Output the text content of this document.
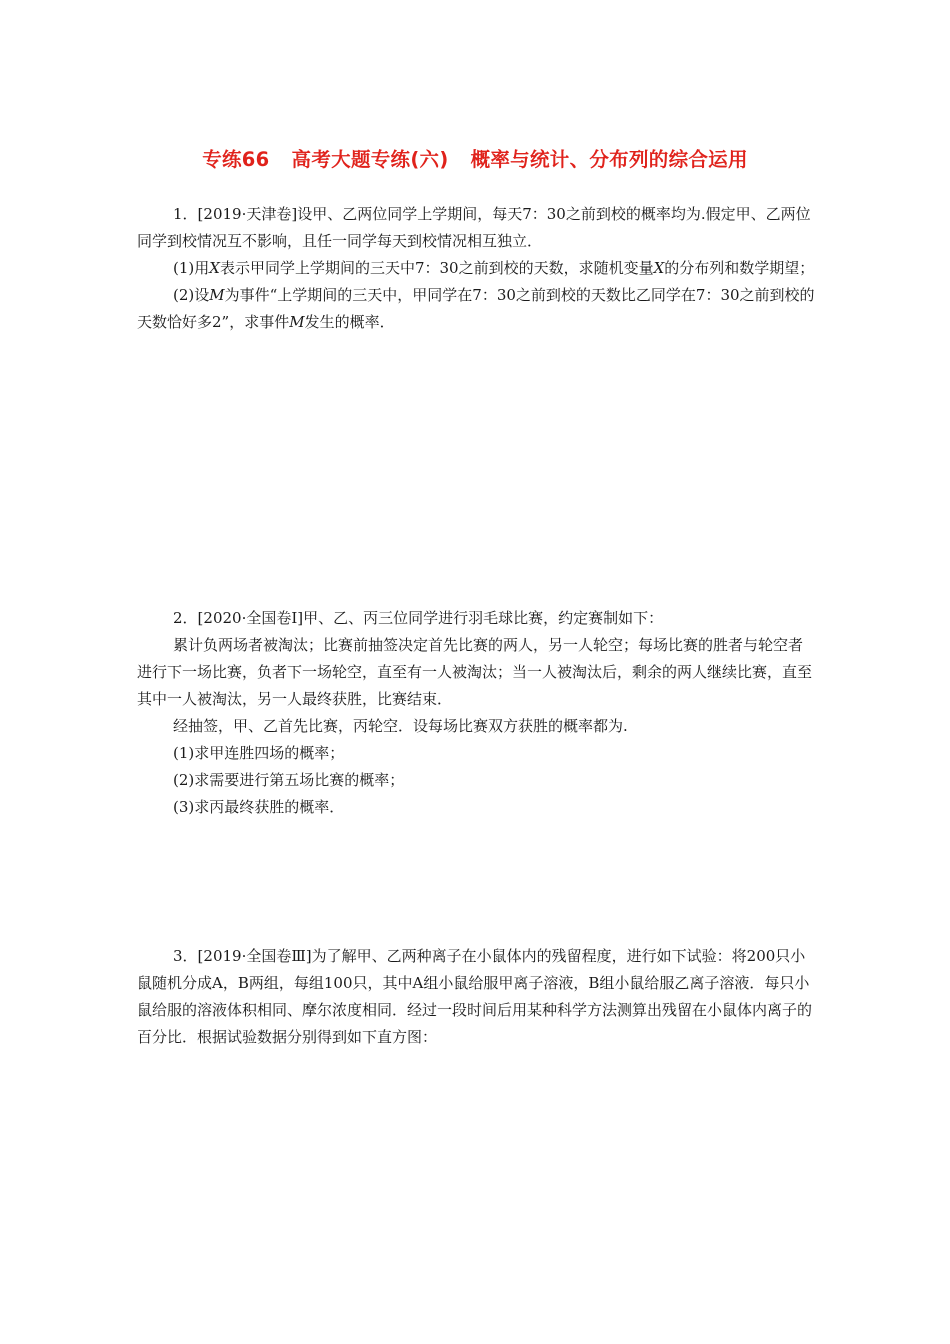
专练66 高考大题专练(六) 概率与统计、分布列的综合运用

1．[2019·天津卷]设甲、乙两位同学上学期间，每天7：30之前到校的概率均为.假定甲、乙两位同学到校情况互不影响，且任一同学每天到校情况相互独立．

(1)用X表示甲同学上学期间的三天中7：30之前到校的天数，求随机变量X的分布列和数学期望；

(2)设M为事件“上学期间的三天中，甲同学在7：30之前到校的天数比乙同学在7：30之前到校的天数恰好多2”，求事件M发生的概率．

2．[2020·全国卷Ⅰ]甲、乙、丙三位同学进行羽毛球比赛，约定赛制如下：

累计负两场者被淘汰；比赛前抽签决定首先比赛的两人，另一人轮空；每场比赛的胜者与轮空者进行下一场比赛，负者下一场轮空，直至有一人被淘汰；当一人被淘汰后，剩余的两人继续比赛，直至其中一人被淘汰，另一人最终获胜，比赛结束．

经抽签，甲、乙首先比赛，丙轮空．设每场比赛双方获胜的概率都为.

(1)求甲连胜四场的概率；

(2)求需要进行第五场比赛的概率；

(3)求丙最终获胜的概率．

3．[2019·全国卷Ⅲ]为了解甲、乙两种离子在小鼠体内的残留程度，进行如下试验：将200只小鼠随机分成A，B两组，每组100只，其中A组小鼠给服甲离子溶液，B组小鼠给服乙离子溶液．每只小鼠给服的溶液体积相同、摩尔浓度相同．经过一段时间后用某种科学方法测算出残留在小鼠体内离子的百分比．根据试验数据分别得到如下直方图：
